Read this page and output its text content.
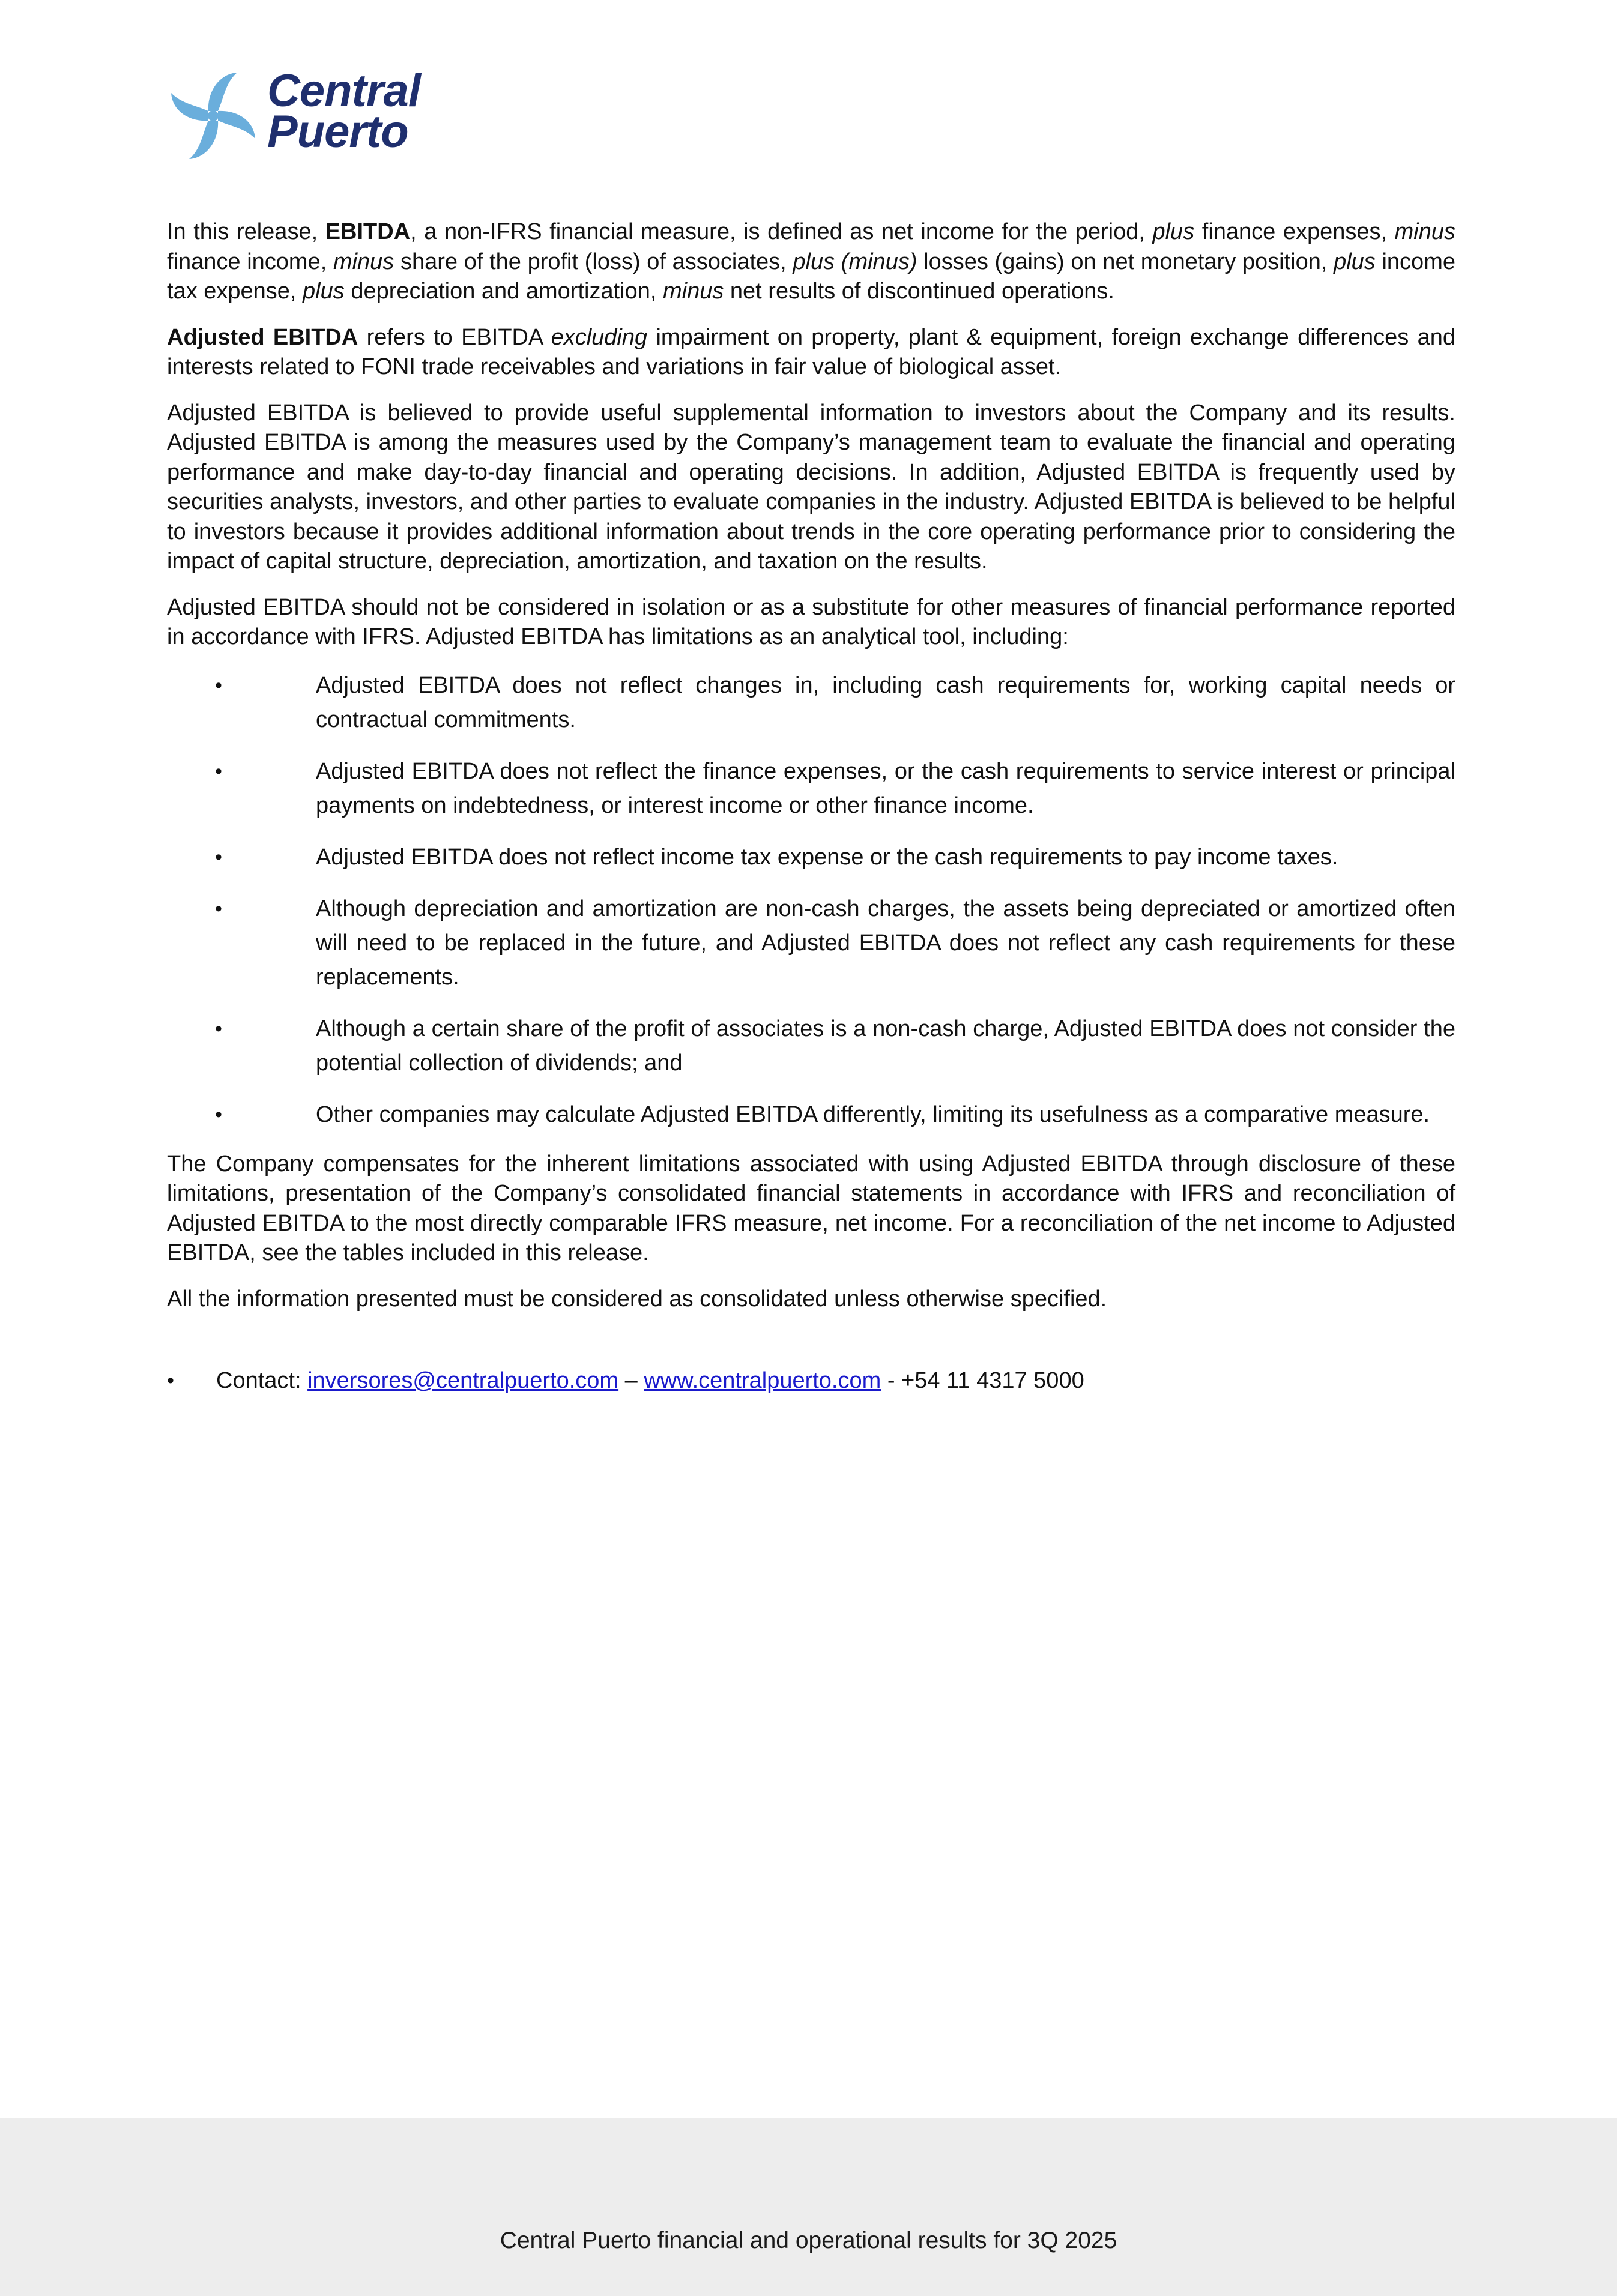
Central
Puerto

In this release, EBITDA, a non-IFRS financial measure, is defined as net income for the period, plus finance expenses, minus finance income, minus share of the profit (loss) of associates, plus (minus) losses (gains) on net monetary position, plus income tax expense, plus depreciation and amortization, minus net results of discontinued operations.

Adjusted EBITDA refers to EBITDA excluding impairment on property, plant & equipment, foreign exchange differences and interests related to FONI trade receivables and variations in fair value of biological asset.

Adjusted EBITDA is believed to provide useful supplemental information to investors about the Company and its results. Adjusted EBITDA is among the measures used by the Company’s management team to evaluate the financial and operating performance and make day-to-day financial and operating decisions. In addition, Adjusted EBITDA is frequently used by securities analysts, investors, and other parties to evaluate companies in the industry. Adjusted EBITDA is believed to be helpful to investors because it provides additional information about trends in the core operating performance prior to considering the impact of capital structure, depreciation, amortization, and taxation on the results.

Adjusted EBITDA should not be considered in isolation or as a substitute for other measures of financial performance reported in accordance with IFRS. Adjusted EBITDA has limitations as an analytical tool, including:

•	Adjusted EBITDA does not reflect changes in, including cash requirements for, working capital needs or contractual commitments.
•	Adjusted EBITDA does not reflect the finance expenses, or the cash requirements to service interest or principal payments on indebtedness, or interest income or other finance income.
•	Adjusted EBITDA does not reflect income tax expense or the cash requirements to pay income taxes.
•	Although depreciation and amortization are non-cash charges, the assets being depreciated or amortized often will need to be replaced in the future, and Adjusted EBITDA does not reflect any cash requirements for these replacements.
•	Although a certain share of the profit of associates is a non-cash charge, Adjusted EBITDA does not consider the potential collection of dividends; and
•	Other companies may calculate Adjusted EBITDA differently, limiting its usefulness as a comparative measure.

The Company compensates for the inherent limitations associated with using Adjusted EBITDA through disclosure of these limitations, presentation of the Company’s consolidated financial statements in accordance with IFRS and reconciliation of Adjusted EBITDA to the most directly comparable IFRS measure, net income. For a reconciliation of the net income to Adjusted EBITDA, see the tables included in this release.

All the information presented must be considered as consolidated unless otherwise specified.

• Contact: inversores@centralpuerto.com – www.centralpuerto.com - +54 11 4317 5000
Central Puerto financial and operational results for 3Q 2025
